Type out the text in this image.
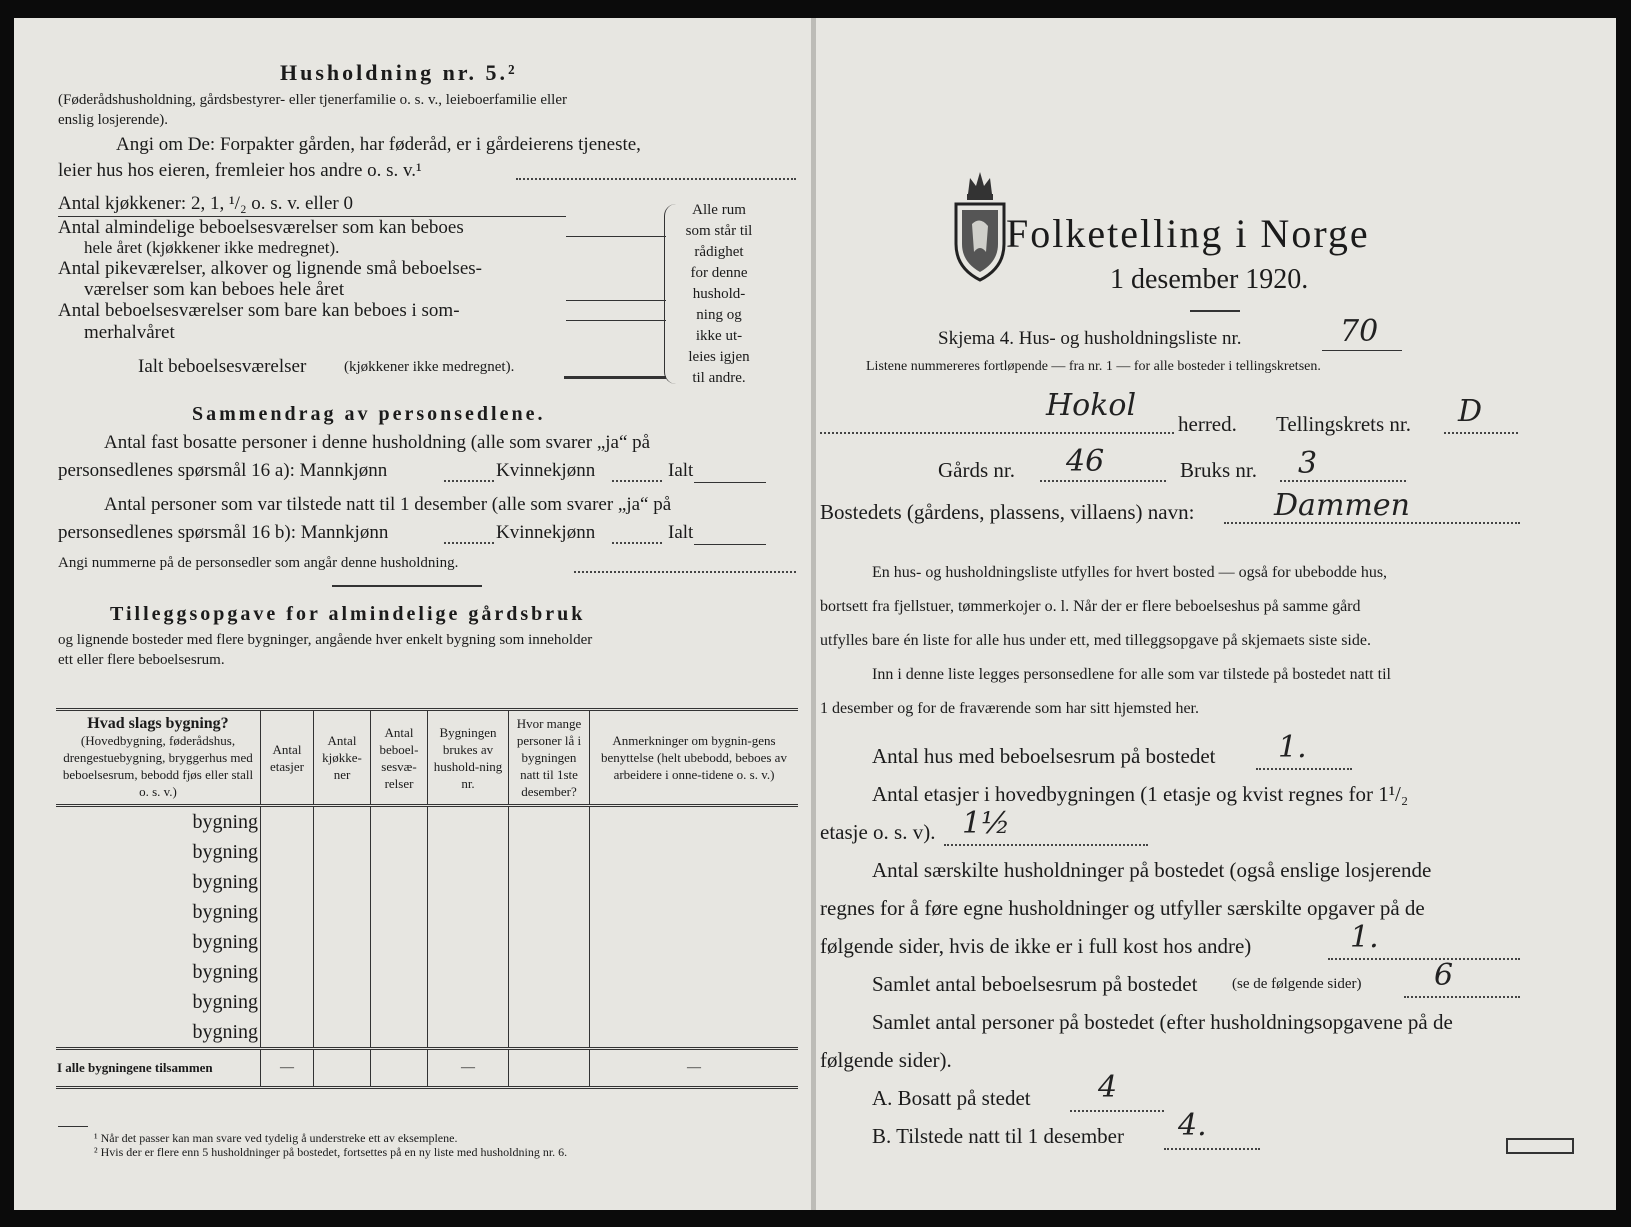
Husholdning nr. 5.²
(Føderådshusholdning, gårdsbestyrer- eller tjenerfamilie o. s. v., leieboerfamilie eller
enslig losjerende).
Angi om De: Forpakter gården, har føderåd, er i gårdeierens tjeneste,
leier hus hos eieren, fremleier hos andre o. s. v.¹
Antal kjøkkener: 2, 1, ¹/₂ o. s. v. eller 0
Antal almindelige beboelsesværelser som kan beboes
hele året (kjøkkener ikke medregnet).
Antal pikeværelser, alkover og lignende små beboelses-
værelser som kan beboes hele året
Antal beboelsesværelser som bare kan beboes i som-
merhalvåret
Ialt beboelsesværelser	(kjøkkener ikke medregnet).
Alle rum
som står til
rådighet
for denne
hushold-
ning og
ikke ut-
leies igjen
til andre.
Sammendrag av personsedlene.
Antal fast bosatte personer i denne husholdning (alle som svarer „ja“ på
personsedlenes spørsmål 16 a): Mannkjønn	Kvinnekjønn	Ialt
Antal personer som var tilstede natt til 1 desember (alle som svarer „ja“ på
personsedlenes spørsmål 16 b): Mannkjønn	Kvinnekjønn	Ialt
Angi nummerne på de personsedler som angår denne husholdning.
Tilleggsopgave for almindelige gårdsbruk
og lignende bosteder med flere bygninger, angående hver enkelt bygning som inneholder
ett eller flere beboelsesrum.
Hvad slags bygning?
(Hovedbygning, føderådshus, drengestuebygning, bryggerhus med beboelsesrum, bebodd fjøs eller stall o. s. v.)	Antal etasjer	Antal kjøkke-ner	Antal beboel-sesvæ-relser	Bygningen brukes av hushold-ning nr.	Hvor mange personer lå i bygningen natt til 1ste desember?	Anmerkninger om bygnin-gens benyttelse (helt ubebodd, beboes av arbeidere i onne-tidene o. s. v.)
bygning						
bygning						
bygning						
bygning						
bygning						
bygning						
bygning						
bygning						
I alle bygningene tilsammen	—			—		—
¹ Når det passer kan man svare ved tydelig å understreke ett av eksemplene.
² Hvis der er flere enn 5 husholdninger på bostedet, fortsettes på en ny liste med husholdning nr. 6.
Folketelling i Norge
1 desember 1920.
Skjema 4. Hus- og husholdningsliste nr.	70
Listene nummereres fortløpende — fra nr. 1 — for alle bosteder i tellingskretsen.
Hokol
herred. Tellingskrets nr. D
Gårds nr. 46	Bruks nr. 3
Bostedets (gårdens, plassens, villaens) navn:	Dammen
En hus- og husholdningsliste utfylles for hvert bosted — også for ubebodde hus,
bortsett fra fjellstuer, tømmerkojer o. l. Når der er flere beboelseshus på samme gård
utfylles bare én liste for alle hus under ett, med tilleggsopgave på skjemaets siste side.
Inn i denne liste legges personsedlene for alle som var tilstede på bostedet natt til
1 desember og for de fraværende som har sitt hjemsted her.
Antal hus med beboelsesrum på bostedet 1.
Antal etasjer i hovedbygningen (1 etasje og kvist regnes for 1¹/₂
etasje o. s. v). 1½
Antal særskilte husholdninger på bostedet (også enslige losjerende
regnes for å føre egne husholdninger og utfyller særskilte opgaver på de
følgende sider, hvis de ikke er i full kost hos andre)	1.
Samlet antal beboelsesrum på bostedet (se de følgende sider) 6
Samlet antal personer på bostedet (efter husholdningsopgavene på de
følgende sider).
A. Bosatt på stedet 4
B. Tilstede natt til 1 desember 4.
